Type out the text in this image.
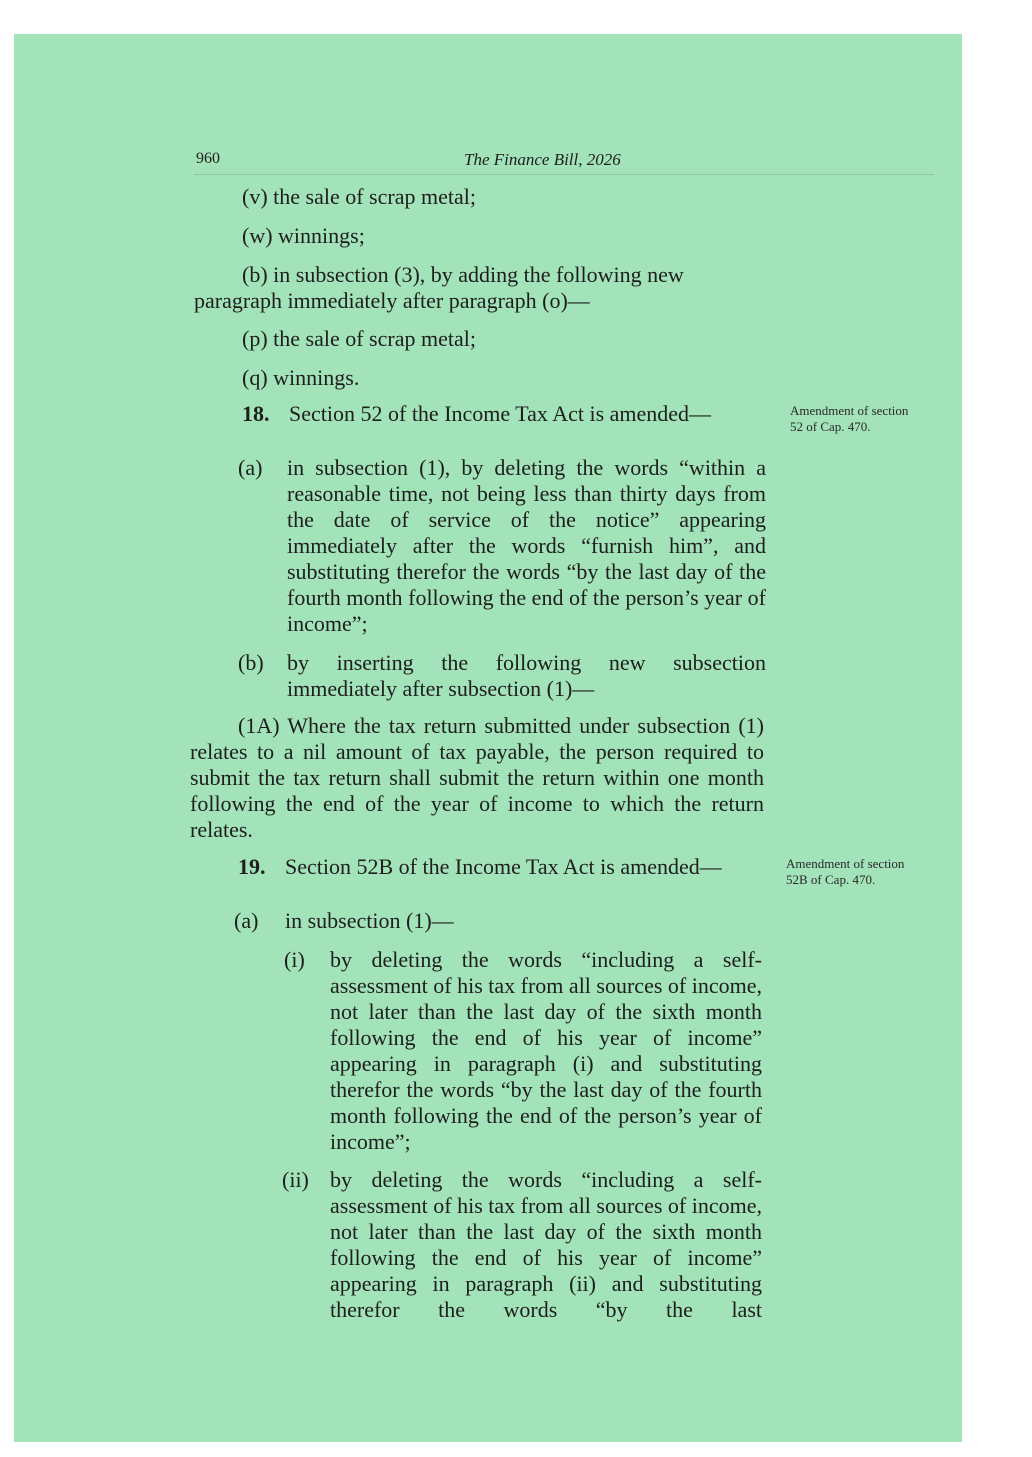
960	The Finance Bill, 2026
(v) the sale of scrap metal;
(w) winnings;
(b) in subsection (3), by adding the following new
paragraph immediately after paragraph (o)—
(p) the sale of scrap metal;
(q) winnings.
18. Section 52 of the Income Tax Act is amended—	Amendment of section 52 of Cap. 470.
(a) in subsection (1), by deleting the words “within a reasonable time, not being less than thirty days from the date of service of the notice” appearing immediately after the words “furnish him”, and substituting therefor the words “by the last day of the fourth month following the end of the person’s year of income”;
(b) by inserting the following new subsection immediately after subsection (1)—
(1A) Where the tax return submitted under subsection (1) relates to a nil amount of tax payable, the person required to submit the tax return shall submit the return within one month following the end of the year of income to which the return relates.
19. Section 52B of the Income Tax Act is amended—	Amendment of section 52B of Cap. 470.
(a) in subsection (1)—
(i) by deleting the words “including a self-assessment of his tax from all sources of income, not later than the last day of the sixth month following the end of his year of income” appearing in paragraph (i) and substituting therefor the words “by the last day of the fourth month following the end of the person’s year of income”;
(ii) by deleting the words “including a self-assessment of his tax from all sources of income, not later than the last day of the sixth month following the end of his year of income” appearing in paragraph (ii) and substituting therefor the words “by the last
